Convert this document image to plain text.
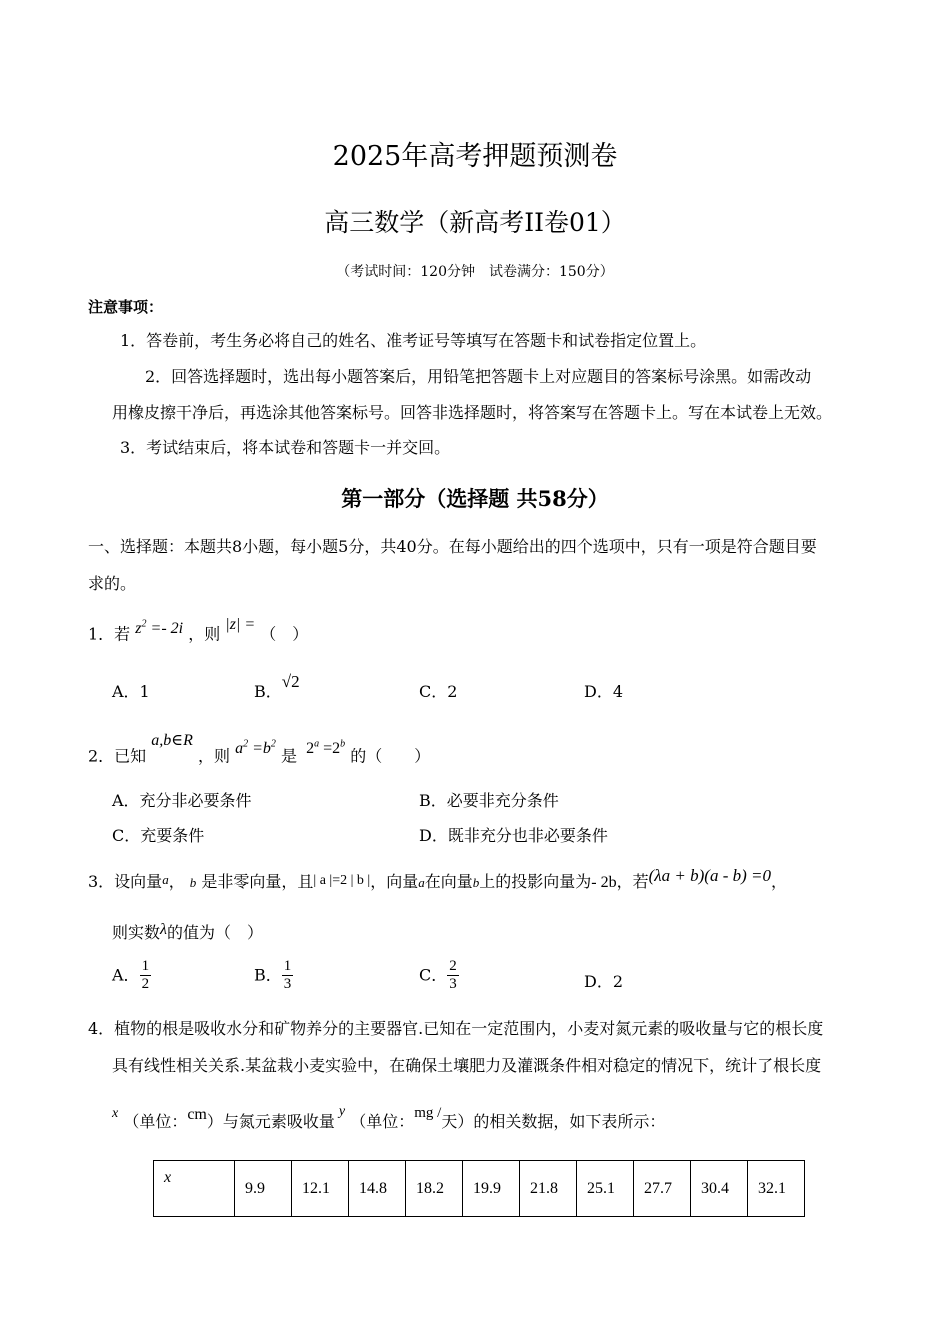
2025年高考押题预测卷
高三数学（新高考II卷01）
（考试时间：120分钟　试卷满分：150分）
注意事项：
1．答卷前，考生务必将自己的姓名、准考证号等填写在答题卡和试卷指定位置上。
2．回答选择题时，选出每小题答案后，用铅笔把答题卡上对应题目的答案标号涂黑。如需改动
用橡皮擦干净后，再选涂其他答案标号。回答非选择题时，将答案写在答题卡上。写在本试卷上无效。
3．考试结束后，将本试卷和答题卡一并交回。
第一部分（选择题 共58分）
一、选择题：本题共8小题，每小题5分，共40分。在每小题给出的四个选项中，只有一项是符合题目要
求的。
1．若 $z^2 =- 2i$ ，则 |z| = （　）
A．1	B．√2
C．2	D．4
2．已知 a,b∈R ，则 $a^2 =b^2$ 是 $2^a =2^b$ 的（　　）
A．充分非必要条件	B．必要非充分条件
C．充要条件	D．既非充分也非必要条件
3．设向量a， b 是非零向量，且| a |=2 | b |，向量a在向量b上的投影向量为- 2b，若(λa + b)(a - b) =0，
则实数λ的值为（　）
A． $\frac{1}{2}$	B． $\frac{1}{3}$	C． $\frac{2}{3}$	D．2
4．植物的根是吸收水分和矿物养分的主要器官.已知在一定范围内，小麦对氮元素的吸收量与它的根长度
具有线性相关关系.某盆栽小麦实验中，在确保土壤肥力及灌溉条件相对稳定的情况下，统计了根长度
x （单位：cm）与氮元素吸收量y （单位：mg /天）的相关数据，如下表所示：
x	9.9	12.1	14.8	18.2	19.9	21.8	25.1	27.7	30.4	32.1
